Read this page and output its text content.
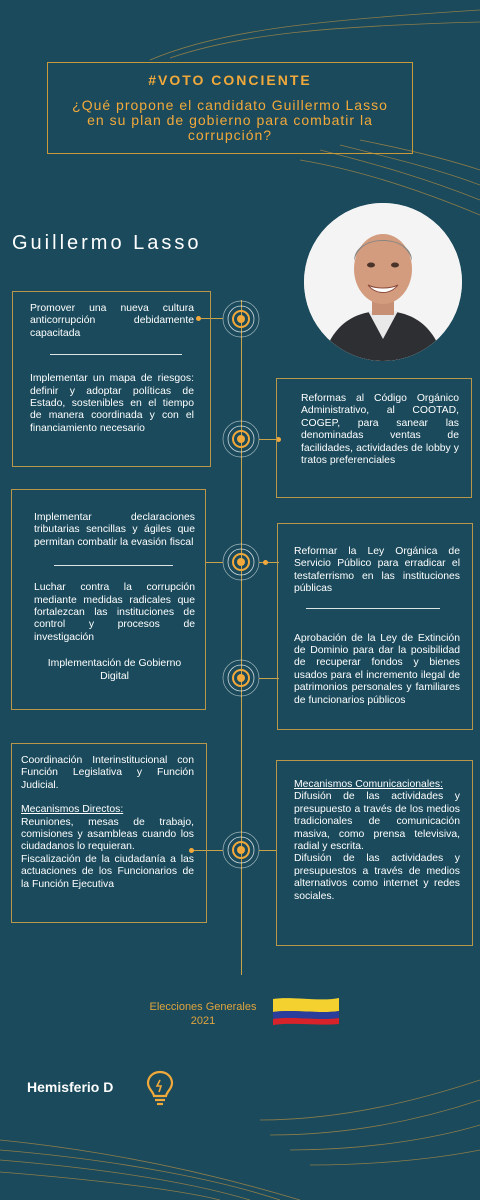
#VOTO CONCIENTE
¿Qué propone el candidato Guillermo Lasso en su plan de gobierno para combatir la corrupción?
Guillermo Lasso

Promover una nueva cultura anticorrupción debidamente capacitada

Implementar un mapa de riesgos: definir y adoptar políticas de Estado, sostenibles en el tiempo de manera coordinada y con el financiamiento necesario

Reformas al Código Orgánico Administrativo, al COOTAD, COGEP, para sanear las denominadas ventas de facilidades, actividades de lobby y tratos preferenciales

Implementar declaraciones tributarias sencillas y ágiles que permitan combatir la evasión fiscal

Luchar contra la corrupción mediante medidas radicales que fortalezcan las instituciones de control y procesos de investigación

Implementación de Gobierno Digital

Reformar la Ley Orgánica de Servicio Público para erradicar el testaferrismo en las instituciones públicas

Aprobación de la Ley de Extinción de Dominio para dar la posibilidad de recuperar fondos y bienes usados para el incremento ilegal de patrimonios personales y familiares de funcionarios públicos

Coordinación Interinstitucional con Función Legislativa y Función Judicial.

Mecanismos Directos:

Reuniones, mesas de trabajo, comisiones y asambleas cuando los ciudadanos lo requieran.

Fiscalización de la ciudadanía a las actuaciones de los Funcionarios de la Función Ejecutiva

Mecanismos Comunicacionales:

Difusión de las actividades y presupuesto a través de los medios tradicionales de comunicación masiva, como prensa televisiva, radial y escrita.

Difusión de las actividades y presupuestos a través de medios alternativos como internet y redes sociales.

Elecciones Generales
2021
Hemisferio D
